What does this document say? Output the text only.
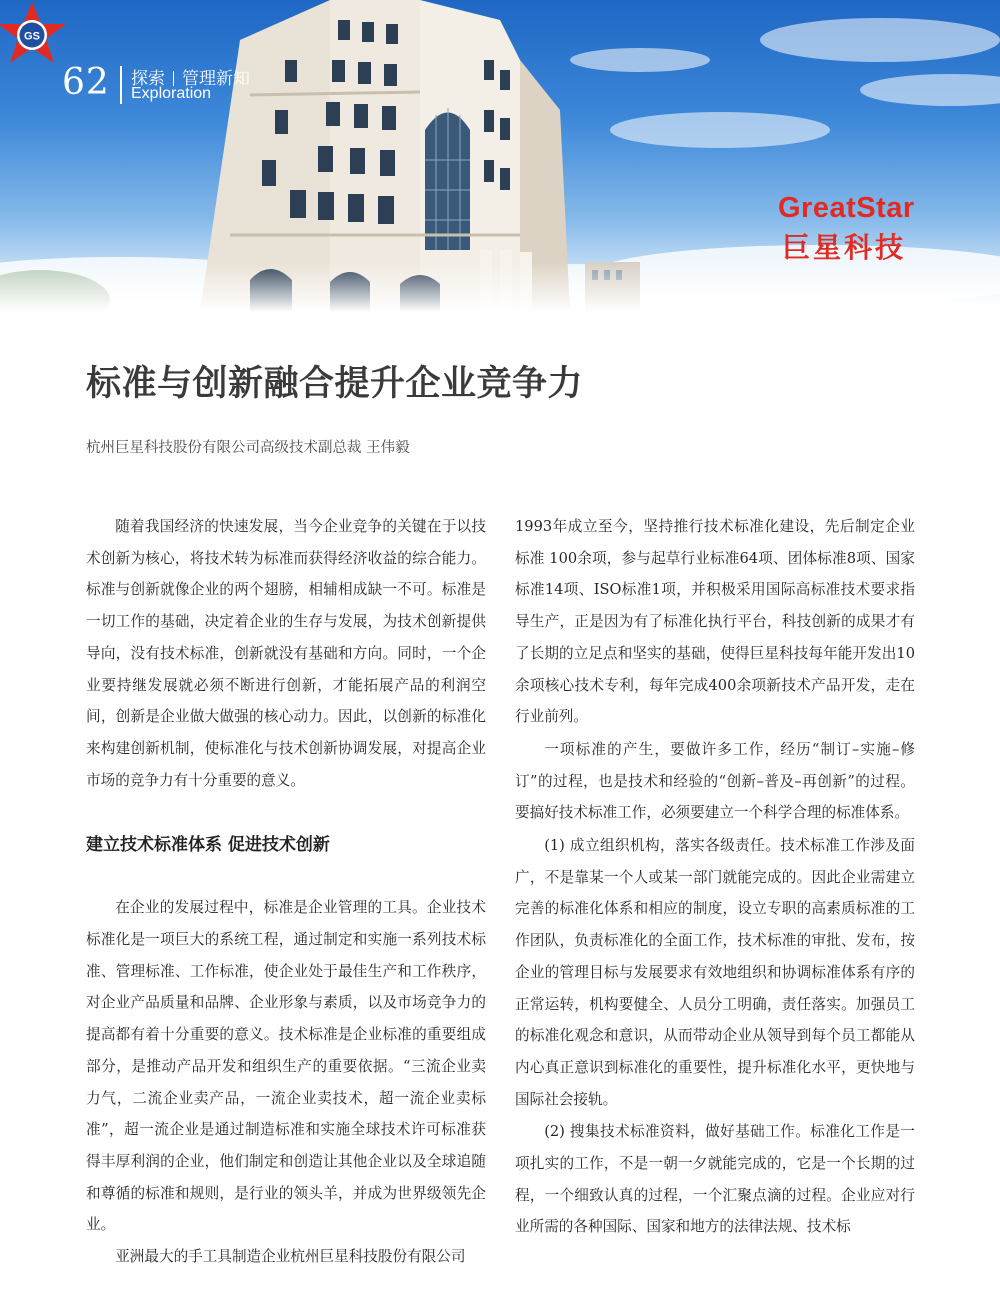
62 探索 管理新知
Exploration
GS
GreatStar
巨星科技
标准与创新融合提升企业竞争力
杭州巨星科技股份有限公司高级技术副总裁 王伟毅

随着我国经济的快速发展，当今企业竞争的关键在于以技术创新为核心，将技术转为标准而获得经济收益的综合能力。标准与创新就像企业的两个翅膀，相辅相成缺一不可。标准是一切工作的基础，决定着企业的生存与发展，为技术创新提供导向，没有技术标准，创新就没有基础和方向。同时，一个企业要持继发展就必须不断进行创新，才能拓展产品的利润空间，创新是企业做大做强的核心动力。因此，以创新的标准化来构建创新机制，使标准化与技术创新协调发展，对提高企业市场的竞争力有十分重要的意义。

建立技术标准体系 促进技术创新

在企业的发展过程中，标准是企业管理的工具。企业技术标准化是一项巨大的系统工程，通过制定和实施一系列技术标准、管理标准、工作标准，使企业处于最佳生产和工作秩序，对企业产品质量和品牌、企业形象与素质，以及市场竞争力的提高都有着十分重要的意义。技术标准是企业标准的重要组成部分，是推动产品开发和组织生产的重要依据。“三流企业卖力气，二流企业卖产品，一流企业卖技术，超一流企业卖标准”，超一流企业是通过制造标准和实施全球技术许可标准获得丰厚利润的企业，他们制定和创造让其他企业以及全球追随和尊循的标准和规则，是行业的领头羊，并成为世界级领先企业。

亚洲最大的手工具制造企业杭州巨星科技股份有限公司

1993年成立至今，坚持推行技术标准化建设，先后制定企业标准 100余项，参与起草行业标准64项、团体标准8项、国家标准14项、ISO标准1项，并积极采用国际高标准技术要求指导生产，正是因为有了标准化执行平台，科技创新的成果才有了长期的立足点和坚实的基础，使得巨星科技每年能开发出10余项核心技术专利，每年完成400余项新技术产品开发，走在行业前列。

一项标准的产生，要做许多工作，经历“制订–实施–修订”的过程，也是技术和经验的“创新–普及–再创新”的过程。要搞好技术标准工作，必须要建立一个科学合理的标准体系。

(1) 成立组织机构，落实各级责任。技术标准工作涉及面广，不是靠某一个人或某一部门就能完成的。因此企业需建立完善的标准化体系和相应的制度，设立专职的高素质标准的工作团队，负责标准化的全面工作，技术标准的审批、发布，按企业的管理目标与发展要求有效地组织和协调标准体系有序的正常运转，机构要健全、人员分工明确，责任落实。加强员工的标准化观念和意识，从而带动企业从领导到每个员工都能从内心真正意识到标准化的重要性，提升标准化水平，更快地与国际社会接轨。

(2) 搜集技术标准资料，做好基础工作。标准化工作是一项扎实的工作，不是一朝一夕就能完成的，它是一个长期的过程，一个细致认真的过程，一个汇聚点滴的过程。企业应对行业所需的各种国际、国家和地方的法律法规、技术标
